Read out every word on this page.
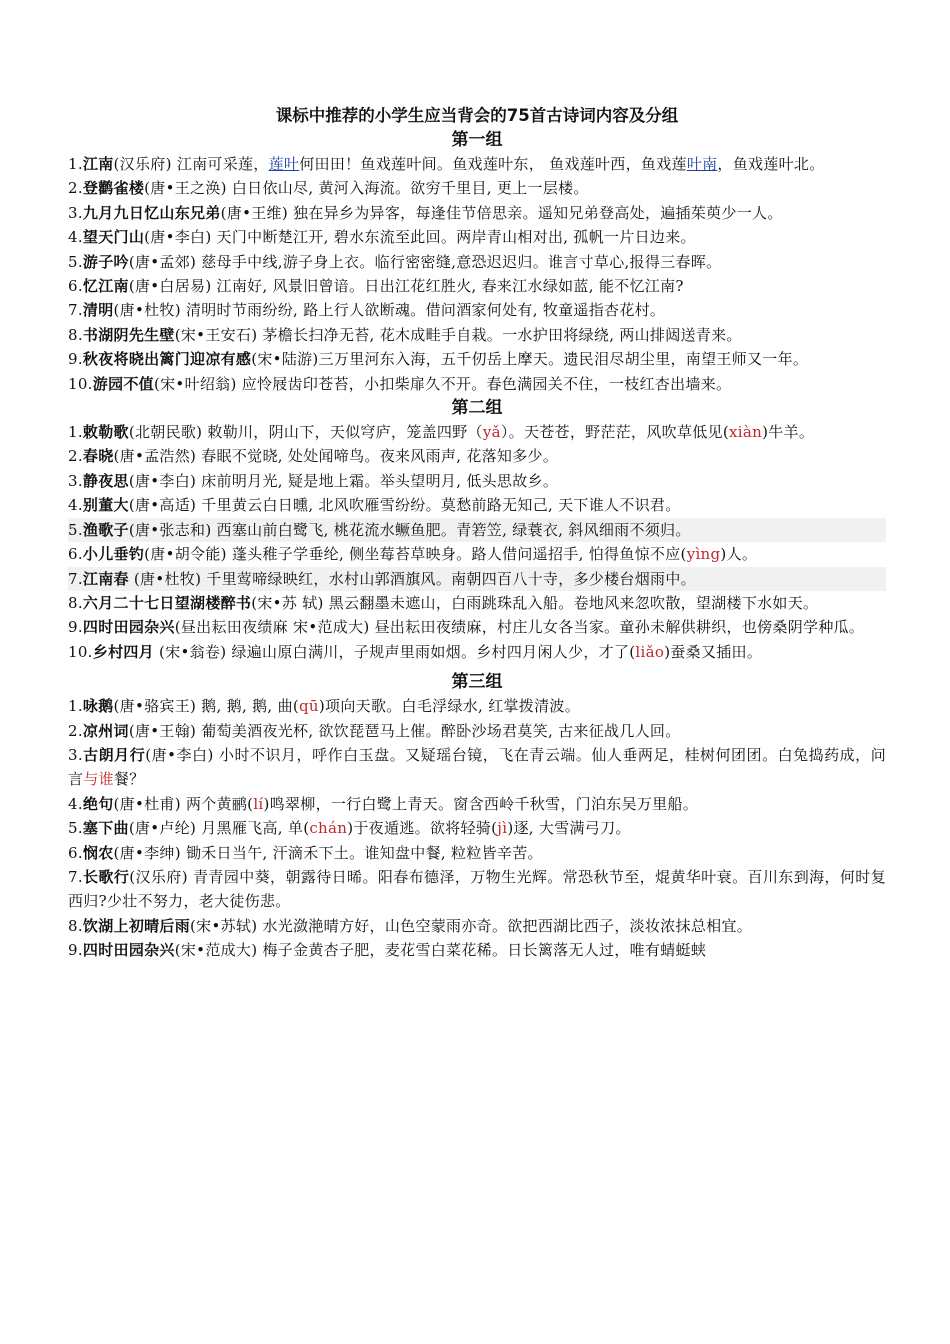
课标中推荐的小学生应当背会的75首古诗词内容及分组
第一组
1.江南(汉乐府) 江南可采莲，莲叶何田田！鱼戏莲叶间。鱼戏莲叶东， 鱼戏莲叶西，鱼戏莲叶南，鱼戏莲叶北。
2.登鹳雀楼(唐•王之涣) 白日依山尽, 黄河入海流。欲穷千里目, 更上一层楼。
3.九月九日忆山东兄弟(唐•王维) 独在异乡为异客，每逢佳节倍思亲。遥知兄弟登高处，遍插茱萸少一人。
4.望天门山(唐•李白) 天门中断楚江开, 碧水东流至此回。两岸青山相对出, 孤帆一片日边来。
5.游子吟(唐•孟郊) 慈母手中线,游子身上衣。临行密密缝,意恐迟迟归。谁言寸草心,报得三春晖。
6.忆江南(唐•白居易) 江南好, 风景旧曾谙。日出江花红胜火, 春来江水绿如蓝, 能不忆江南?
7.清明(唐•杜牧) 清明时节雨纷纷, 路上行人欲断魂。借问酒家何处有, 牧童遥指杏花村。
8.书湖阴先生壁(宋•王安石) 茅檐长扫净无苔, 花木成畦手自栽。一水护田将绿绕, 两山排闼送青来。
9.秋夜将晓出篱门迎凉有感(宋•陆游)三万里河东入海，五千仞岳上摩天。遗民泪尽胡尘里，南望王师又一年。
10.游园不值(宋•叶绍翁) 应怜屐齿印苍苔，小扣柴扉久不开。春色满园关不住，一枝红杏出墙来。
第二组
1.敕勒歌(北朝民歌) 敕勒川，阴山下，天似穹庐，笼盖四野（yǎ）。天苍苍，野茫茫，风吹草低见(xiàn)牛羊。
2.春晓(唐•孟浩然) 春眠不觉晓, 处处闻啼鸟。夜来风雨声, 花落知多少。
3.静夜思(唐•李白) 床前明月光, 疑是地上霜。举头望明月, 低头思故乡。
4.别董大(唐•高适) 千里黄云白日曛, 北风吹雁雪纷纷。莫愁前路无知己, 天下谁人不识君。
5.渔歌子(唐•张志和) 西塞山前白鹭飞, 桃花流水鳜鱼肥。青箬笠, 绿蓑衣, 斜风细雨不须归。
6.小儿垂钓(唐•胡令能) 蓬头稚子学垂纶, 侧坐莓苔草映身。路人借问遥招手, 怕得鱼惊不应(yìng)人。
7.江南春 (唐•杜牧) 千里莺啼绿映红，水村山郭酒旗风。南朝四百八十寺，多少楼台烟雨中。
8.六月二十七日望湖楼醉书(宋•苏 轼) 黑云翻墨未遮山，白雨跳珠乱入船。卷地风来忽吹散，望湖楼下水如天。
9.四时田园杂兴(昼出耘田夜绩麻 宋•范成大) 昼出耘田夜绩麻，村庄儿女各当家。童孙未解供耕织，也傍桑阴学种瓜。
10.乡村四月 (宋•翁卷) 绿遍山原白满川，子规声里雨如烟。乡村四月闲人少，才了(liǎo)蚕桑又插田。
第三组
1.咏鹅(唐•骆宾王) 鹅, 鹅, 鹅, 曲(qū)项向天歌。白毛浮绿水, 红掌拨清波。
2.凉州词(唐•王翰) 葡萄美酒夜光杯, 欲饮琵琶马上催。醉卧沙场君莫笑, 古来征战几人回。
3.古朗月行(唐•李白) 小时不识月，呼作白玉盘。又疑瑶台镜，飞在青云端。仙人垂两足，桂树何团团。白兔捣药成，问言与谁餐？
4.绝句(唐•杜甫) 两个黄鹂(lí)鸣翠柳，一行白鹭上青天。窗含西岭千秋雪，门泊东吴万里船。
5.塞下曲(唐•卢纶) 月黑雁飞高, 单(chán)于夜遁逃。欲将轻骑(jì)逐, 大雪满弓刀。
6.悯农(唐•李绅) 锄禾日当午, 汗滴禾下土。谁知盘中餐, 粒粒皆辛苦。
7.长歌行(汉乐府) 青青园中葵，朝露待日晞。阳春布德泽，万物生光辉。常恐秋节至，焜黄华叶衰。百川东到海，何时复西归?少壮不努力，老大徒伤悲。
8.饮湖上初晴后雨(宋•苏轼) 水光潋滟晴方好，山色空蒙雨亦奇。欲把西湖比西子，淡妆浓抹总相宜。
9.四时田园杂兴(宋•范成大) 梅子金黄杏子肥，麦花雪白菜花稀。日长篱落无人过，唯有蜻蜓蛱
